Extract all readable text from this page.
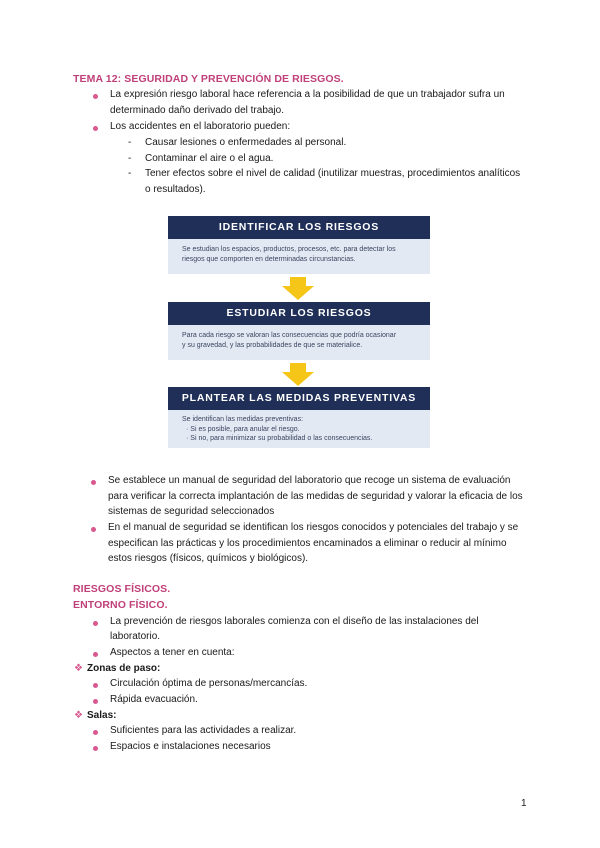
TEMA 12: SEGURIDAD Y PREVENCIÓN DE RIESGOS.
La expresión riesgo laboral hace referencia a la posibilidad de que un trabajador sufra un
determinado daño derivado del trabajo.
Los accidentes en el laboratorio pueden:
- Causar lesiones o enfermedades al personal.
- Contaminar el aire o el agua.
- Tener efectos sobre el nivel de calidad (inutilizar muestras, procedimientos analíticos
o resultados).
IDENTIFICAR LOS RIESGOS
Se estudian los espacios, productos, procesos, etc. para detectar los
riesgos que comporten en determinadas circunstancias.
ESTUDIAR LOS RIESGOS
Para cada riesgo se valoran las consecuencias que podría ocasionar
y su gravedad, y las probabilidades de que se materialice.
PLANTEAR LAS MEDIDAS PREVENTIVAS
Se identifican las medidas preventivas:
· Si es posible, para anular el riesgo.
· Si no, para minimizar su probabilidad o las consecuencias.
Se establece un manual de seguridad del laboratorio que recoge un sistema de evaluación
para verificar la correcta implantación de las medidas de seguridad y valorar la eficacia de los
sistemas de seguridad seleccionados
En el manual de seguridad se identifican los riesgos conocidos y potenciales del trabajo y se
especifican las prácticas y los procedimientos encaminados a eliminar o reducir al mínimo
estos riesgos (físicos, químicos y biológicos).
RIESGOS FÍSICOS.
ENTORNO FÍSICO.
La prevención de riesgos laborales comienza con el diseño de las instalaciones del
laboratorio.
Aspectos a tener en cuenta:
❖ Zonas de paso:
Circulación óptima de personas/mercancías.
Rápida evacuación.
❖ Salas:
Suficientes para las actividades a realizar.
Espacios e instalaciones necesarios
1
